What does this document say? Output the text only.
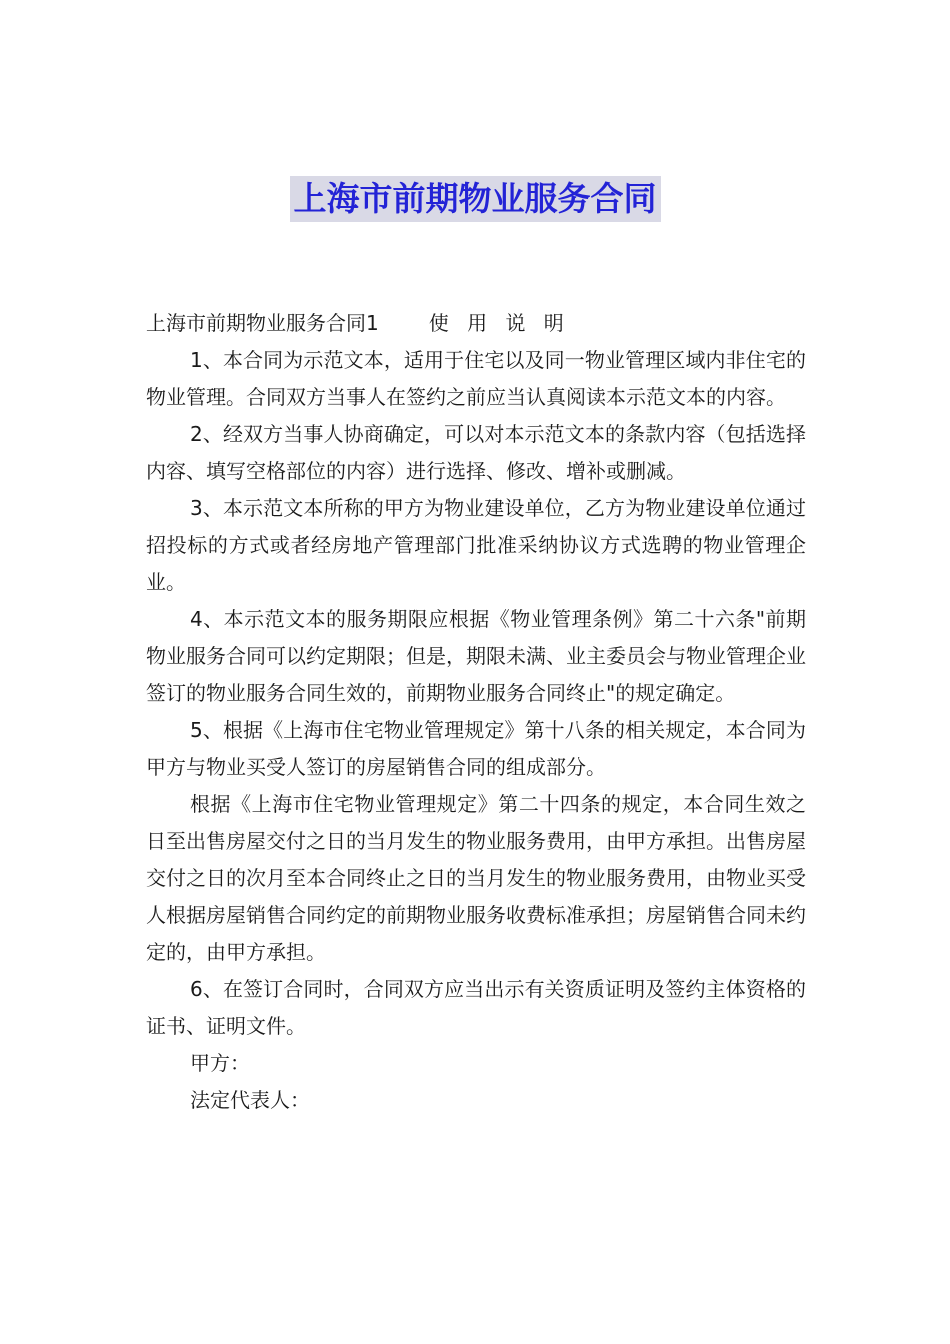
上海市前期物业服务合同

上海市前期物业服务合同1	使 用 说 明

1、本合同为示范文本，适用于住宅以及同一物业管理区域内非住宅的物业管理。合同双方当事人在签约之前应当认真阅读本示范文本的内容。

2、经双方当事人协商确定，可以对本示范文本的条款内容（包括选择内容、填写空格部位的内容）进行选择、修改、增补或删减。

3、本示范文本所称的甲方为物业建设单位，乙方为物业建设单位通过招投标的方式或者经房地产管理部门批准采纳协议方式选聘的物业管理企业。

4、本示范文本的服务期限应根据《物业管理条例》第二十六条"前期物业服务合同可以约定期限；但是，期限未满、业主委员会与物业管理企业签订的物业服务合同生效的，前期物业服务合同终止"的规定确定。

5、根据《上海市住宅物业管理规定》第十八条的相关规定，本合同为甲方与物业买受人签订的房屋销售合同的组成部分。

根据《上海市住宅物业管理规定》第二十四条的规定，本合同生效之日至出售房屋交付之日的当月发生的物业服务费用，由甲方承担。出售房屋交付之日的次月至本合同终止之日的当月发生的物业服务费用，由物业买受人根据房屋销售合同约定的前期物业服务收费标准承担；房屋销售合同未约定的，由甲方承担。

6、在签订合同时，合同双方应当出示有关资质证明及签约主体资格的证书、证明文件。

甲方：

法定代表人：
